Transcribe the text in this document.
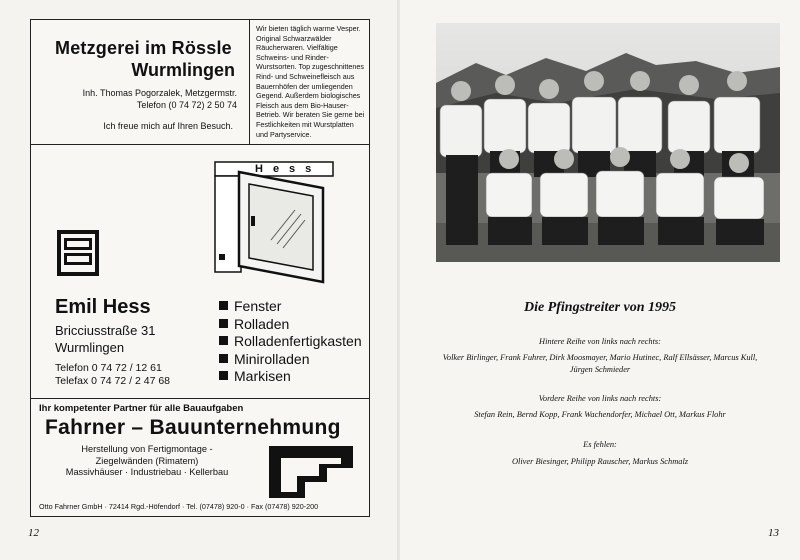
Metzgerei im Rössle
Wurmlingen
Inh. Thomas Pogorzalek, Metzgermstr.
Telefon (0 74 72) 2 50 74
Ich freue mich auf Ihren Besuch.
Wir bieten täglich warme Vesper. Original Schwarzwälder Räucherwaren. Vielfältige Schweins- und Rinder-Wurstsorten. Top zugeschnittenes Rind- und Schweinefleisch aus Bauernhöfen der umliegenden Gegend. Außerdem biologisches Fleisch aus dem Bio-Hauser-Betrieb. Wir beraten Sie gerne bei Festlichkeiten mit Wurstplatten und Partyservice.
Hess
Emil Hess
Bricciusstraße 31
Wurmlingen
Telefon 0 74 72 / 12 61
Telefax 0 74 72 / 2 47 68
Fenster
Rolladen
Rolladenfertigkasten
Minirolladen
Markisen
Ihr kompetenter Partner für alle Bauaufgaben
Fahrner – Bauunternehmung
Herstellung von Fertigmontage -
Ziegelwänden (Rimatem)
Massivhäuser · Industriebau · Kellerbau
Otto Fahrner GmbH · 72414 Rgd.-Höfendorf · Tel. (07478) 920-0 · Fax (07478) 920-200
12
Die Pfingstreiter von 1995
Hintere Reihe von links nach rechts:
Volker Birlinger, Frank Fuhrer, Dirk Moosmayer, Mario Hutinec, Ralf Ellsässer, Marcus Kull,
Jürgen Schmieder
Vordere Reihe von links nach rechts:
Stefan Rein, Bernd Kopp, Frank Wachendorfer, Michael Ott, Markus Flohr
Es fehlen:
Oliver Biesinger, Philipp Rauscher, Markus Schmalz
13
